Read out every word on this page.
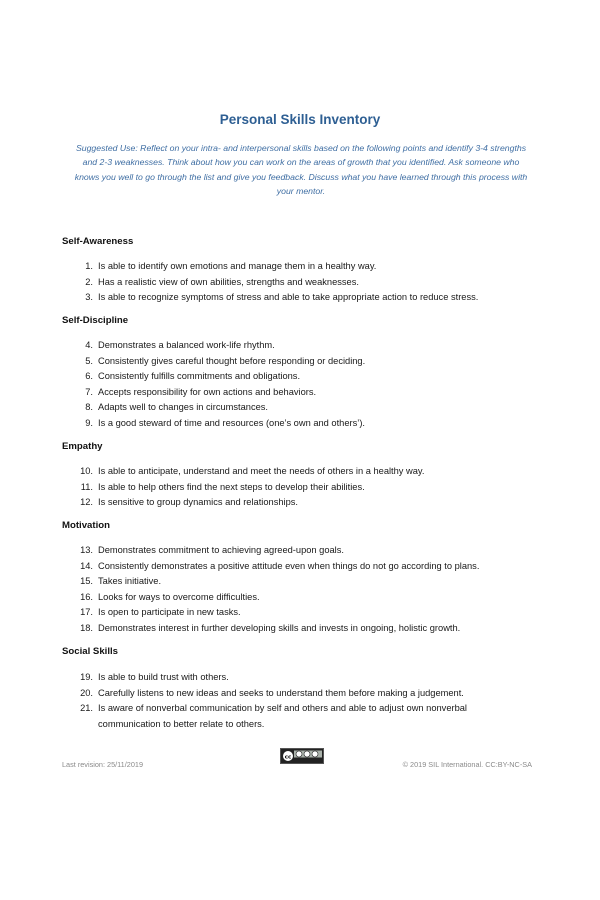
Personal Skills Inventory
Suggested Use: Reflect on your intra- and interpersonal skills based on the following points and identify 3-4 strengths and 2-3 weaknesses. Think about how you can work on the areas of growth that you identified. Ask someone who knows you well to go through the list and give you feedback. Discuss what you have learned through this process with your mentor.
Self-Awareness
1. Is able to identify own emotions and manage them in a healthy way.
2. Has a realistic view of own abilities, strengths and weaknesses.
3. Is able to recognize symptoms of stress and able to take appropriate action to reduce stress.
Self-Discipline
4. Demonstrates a balanced work-life rhythm.
5. Consistently gives careful thought before responding or deciding.
6. Consistently fulfills commitments and obligations.
7. Accepts responsibility for own actions and behaviors.
8. Adapts well to changes in circumstances.
9. Is a good steward of time and resources (one’s own and others’).
Empathy
10. Is able to anticipate, understand and meet the needs of others in a healthy way.
11. Is able to help others find the next steps to develop their abilities.
12. Is sensitive to group dynamics and relationships.
Motivation
13. Demonstrates commitment to achieving agreed-upon goals.
14. Consistently demonstrates a positive attitude even when things do not go according to plans.
15. Takes initiative.
16. Looks for ways to overcome difficulties.
17. Is open to participate in new tasks.
18. Demonstrates interest in further developing skills and invests in ongoing, holistic growth.
Social Skills
19. Is able to build trust with others.
20. Carefully listens to new ideas and seeks to understand them before making a judgement.
21. Is aware of nonverbal communication by self and others and able to adjust own nonverbal communication to better relate to others.
Last revision: 25/11/2019
cc
© 2019 SIL International. CC:BY-NC-SA
